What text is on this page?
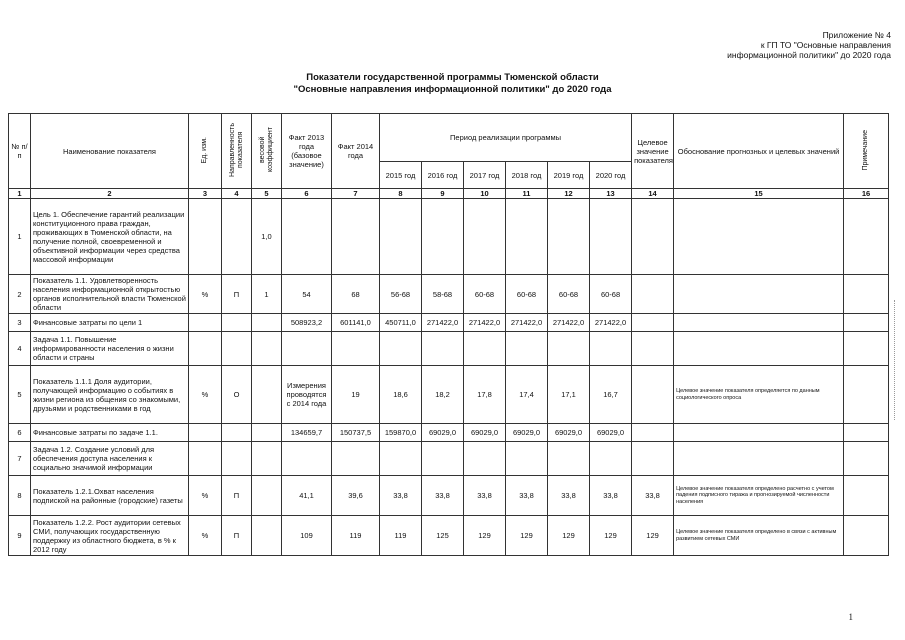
Приложение № 4
к ГП ТО "Основные направления
информационной политики" до 2020 года
Показатели государственной программы Тюменской области
"Основные направления информационной политики" до 2020 года
№ п/п	Наименование показателя	Ед. изм.	Направленность показателя	весовой коэффициент	Факт 2013 года (базовое значение)	Факт 2014 года	Период реализации программы						Целевое значение показателя	Обоснование прогнозных и целевых значений	Примечание
							2015 год	2016 год	2017 год	2018 год	2019 год	2020 год			
1	2	3	4	5	6	7	8	9	10	11	12	13	14	15	16
1	Цель 1. Обеспечение гарантий реализации конституционного права граждан, проживающих в Тюменской области, на получение полной, своевременной и объективной информации через средства массовой информации			1,0											
2	Показатель 1.1. Удовлетворенность населения информационной открытостью органов исполнительной власти Тюменской области	%	П	1	54	68	56-68	58-68	60-68	60-68	60-68	60-68			
3	Финансовые затраты по цели 1				508923,2	601141,0	450711,0	271422,0	271422,0	271422,0	271422,0	271422,0			
4	Задача 1.1. Повышение информированности населения о жизни области и страны														
5	Показатель 1.1.1 Доля аудитории, получающей информацию о событиях в жизни региона из общения со знакомыми, друзьями и родственниками в год	%	О		Измерения проводятся с 2014 года	19	18,6	18,2	17,8	17,4	17,1	16,7		Целевое значение показателя определяется по данным социологического опроса	
6	Финансовые затраты по задаче 1.1.				134659,7	150737,5	159870,0	69029,0	69029,0	69029,0	69029,0	69029,0			
7	Задача 1.2. Создание условий для обеспечения доступа населения к социально значимой информации														
8	Показатель 1.2.1.Охват населения подпиской на районные (городские) газеты	%	П		41,1	39,6	33,8	33,8	33,8	33,8	33,8	33,8	33,8	Целевое значение показателя определено расчетно с учетом падения подписного тиража и прогнозируемой численности населения	
9	Показатель 1.2.2. Рост аудитории сетевых СМИ, получающих государственную поддержку из областного бюджета, в % к 2012 году	%	П		109	119	119	125	129	129	129	129	129	Целевое значение показателя определено в связи с активным развитием сетевых СМИ	
1
